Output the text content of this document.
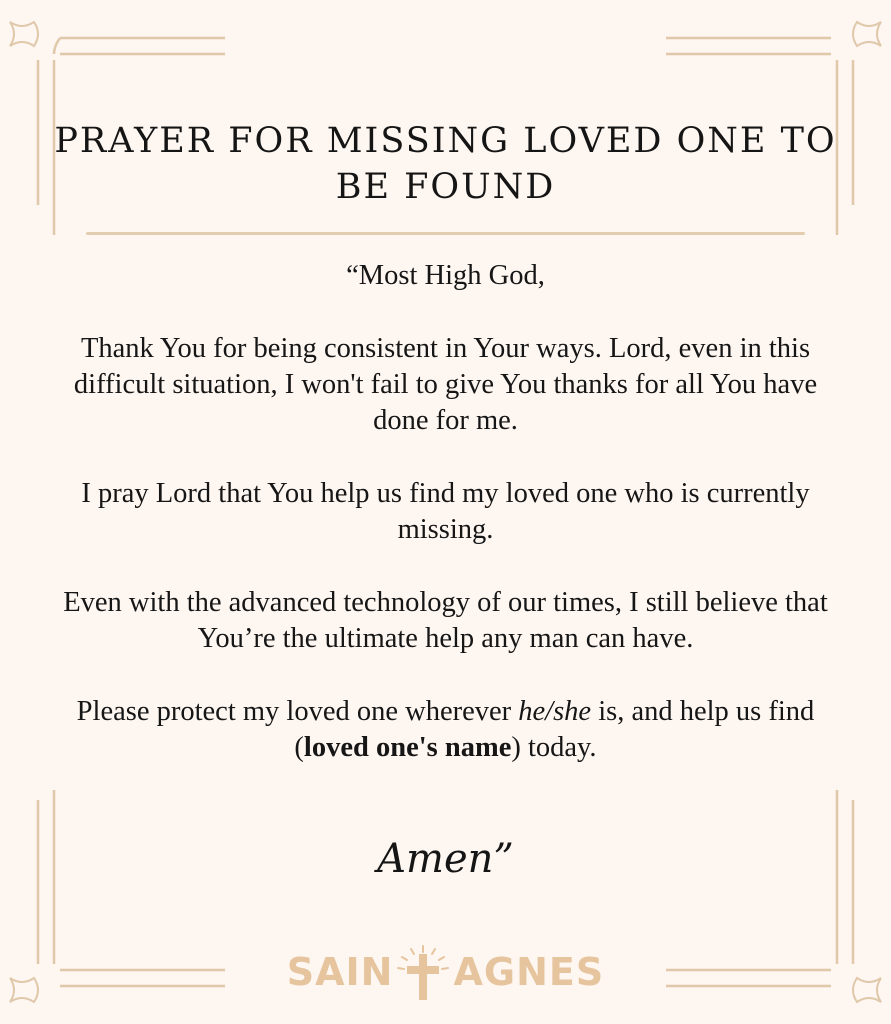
PRAYER FOR MISSING LOVED ONE TO BE FOUND

“Most High God,

Thank You for being consistent in Your ways. Lord, even in this difficult situation, I won't fail to give You thanks for all You have done for me.

I pray Lord that You help us find my loved one who is currently missing.

Even with the advanced technology of our times, I still believe that You’re the ultimate help any man can have.

Please protect my loved one wherever he/she is, and help us find (loved one's name) today.

Amen”

SAIN AGNES
